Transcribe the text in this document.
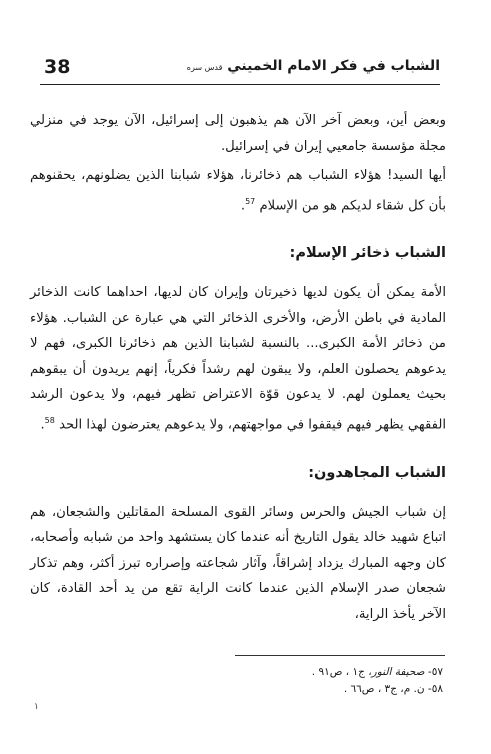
38	الشباب في فكر الامام الخميني قدس سره

وبعض أين، وبعض آخر الآن هم يذهبون إلى إسرائيل، الآن يوجد في منزلي مجلة مؤسسة جامعيي إيران في إسرائيل.

أيها السيد! هؤلاء الشباب هم ذخائرنا، هؤلاء شبابنا الذين يضلونهم، يحقنوهم بأن كل شقاء لديكم هو من الإسلام $^{57}$.

الشباب ذخائر الإسلام:

الأمة يمكن أن يكون لديها ذخيرتان وإيران كان لديها، احداهما كانت الذخائر المادية في باطن الأرض، والأخرى الذخائر التي هي عبارة عن الشباب. هؤلاء من ذخائر الأمة الكبرى... بالنسبة لشبابنا الذين هم ذخائرنا الكبرى، فهم لا يدعوهم يحصلون العلم، ولا يبقون لهم رشداً فكرياً، إنهم يريدون أن يبقوهم بحيث يعملون لهم. لا يدعون قوّة الاعتراض تظهر فيهم، ولا يدعون الرشد الفقهي يظهر فيهم فيقفوا في مواجهتهم، ولا يدعوهم يعترضون لهذا الحد $^{58}$.

الشباب المجاهدون:

إن شباب الجيش والحرس وسائر القوى المسلحة المقاتلين والشجعان، هم اتباع شهيد خالد يقول التاريخ أنه عندما كان يستشهد واحد من شبابه وأصحابه، كان وجهه المبارك يزداد إشراقاً، وآثار شجاعته وإصراره تبرز أكثر، وهم تذكار شجعان صدر الإسلام الذين عندما كانت الراية تقع من يد أحد القادة، كان الآخر يأخذ الراية،

٥٧- صحيفة النور، ج١ ، ص٩١ .

٥٨- ن. م، ج٣ ، ص٦٦ .

١
